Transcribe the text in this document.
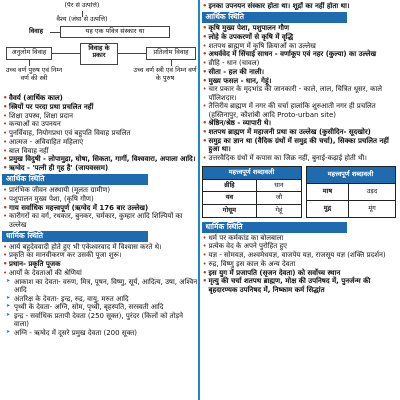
(पैर से उत्पत्ति)
वैश्य (जंघा से उत्पत्ति)
विवाह	यह एक पवित्र संस्कार था
विवाह के प्रकार
अनुलोम विवाह	प्रतिलोम विवाह
उच्च वर्ण पुरुष एवं निम्न वर्ण की स्त्री
उच्च वर्ण स्त्री एवं निम्न वर्ण के पुरुष
• वैवर्य (आर्थिक काल)
• स्त्रियों पर परदा प्रथा प्रचलित नहीं
• शिक्षा उपस्थ, शिक्षा प्रदान
• कन्याओं का उपनयन
• पुनर्विवाह, नियोगप्रथा एवं बहुपति विवाह प्रचलित
• आत्मज - अविवाहित महिलाएं
• बाल विवाह नहीं
• प्रमुख विदुषी - लोपामुद्रा, घोषा, सिकता, गार्गी, विश्ववारा, अपाला आदि।
• ऋग्वेद - 'पत्नी ही गृह है' (जायवस्सम)
आर्थिक स्थिति
• प्रारंभिक जीवन अस्थायी (मूलतः ग्रामीण)
• पशुपालन मुख्य पेशा, (कृषि गौण)
• गाय सर्वाधिक महत्त्वपूर्ण (ऋग्वेद में 176 बार उल्लेख)
• कारीगरों का वर्ग, रथकार, बुनकर, चर्मकार, कुम्हार आदि शिल्पियों का उल्लेख
धार्मिक स्थिति
• आर्य बहुदेववादी होते हुए भी एकेश्वरवाद में विश्वास करते थे।
• प्रकृति का मानवीकरण कर उसकी पूजा शुरू।
• प्रधान- प्रकृति पूजक
• आर्यों के देवताओं की श्रेणियां
➤ आकाश का देवता- वरुण, मित्र, पूषन, विष्णु, सूर्य, आदित्य, उषा, अश्विन आदि
➤ अंतरिक्ष के देवता- इन्द्र, रुद्र, वायु, मरुत आदि
➤ पृथ्वी के देवता- अग्नि, सोम, पृथ्वी, बृहस्पति, सरस्वती आदि
➤ इन्द्र - सर्वाधिक प्रतापी देवता (250 सूक्त), पुरंदर (किलों को तोड़ने वाला)
➤ अग्नि - ऋग्वेद में दूसरे प्रमुख देवता (200 सूक्त)
• इनका उपनयन संस्कार होता था। शूद्रों का नहीं होता था।
आर्थिक स्थिति
• कृषि मुख्य पेशा, पशुपालन गौण
• लोहे के उपकरणों से कृषि में वृद्धि
• शतपथ ब्राह्मण में कृषि क्रियाओं का उल्लेख
• अथर्ववेद में सिंचाई साधन - वर्णाकूप एवं नहर (कुल्या) का उल्लेख
• व्रीहि - धान (चावल)
• सीता - हल की नाली।
• मुख्य फसल - धान, गेहूं।
• चार प्रकार के मृदभांड की जानकारी - काले, लाल, चित्रित धूसर, काले पॉलिशदार।
• तैत्तिरीय ब्राह्मण में नगर की चर्चा हालांकि शुरुआती नगर ही प्रचलित (हस्तिनापुर, कौशांबी आदि Proto-urban site)
• श्रेष्ठिन/श्रेष्ठ - व्यापारी थे।
• शतपथ ब्राह्मण में महाजनी प्रथा का उल्लेख (कुसीदिन- सूदखोर)
• समुद्र का ज्ञान था (वैदिक ग्रंथों में समुद्र की चर्चा), सिक्का प्रचलित नहीं हुआ था।
• उत्तरवैदिक ग्रंथों में कपास का जिक्र नहीं, बुनाई-कढ़ाई होती थी।
महत्त्वपूर्ण शब्दावली	
व्रीहि	धान
यव	जौ
गोधूम	गेहूं
महत्त्वपूर्ण शब्दावली	
माष	उड़द
मुद्ग	मूंग
धार्मिक स्थिति
• धर्म पर कर्मकांड का बोलबाला
• प्रत्येक वेद के अपने पुरोहित हुए
• यज्ञ - सोमयज्ञ, अश्वमेधयज्ञ, वाजपेय यज्ञ, राजसूय यज्ञ (शक्ति प्रदर्शन)
• रुद्र, विष्णु इस काल के अन्य देवता
• इस युग में प्रजापति (सृजन देवता) को सर्वोच्च स्थान
• मृत्यु की चर्चा शतपथ ब्राह्मण, मोक्ष की उपनिषद में, पुनर्जन्म की बृहदारण्यक उपनिषद में, निष्काम कर्म सिद्धांत
